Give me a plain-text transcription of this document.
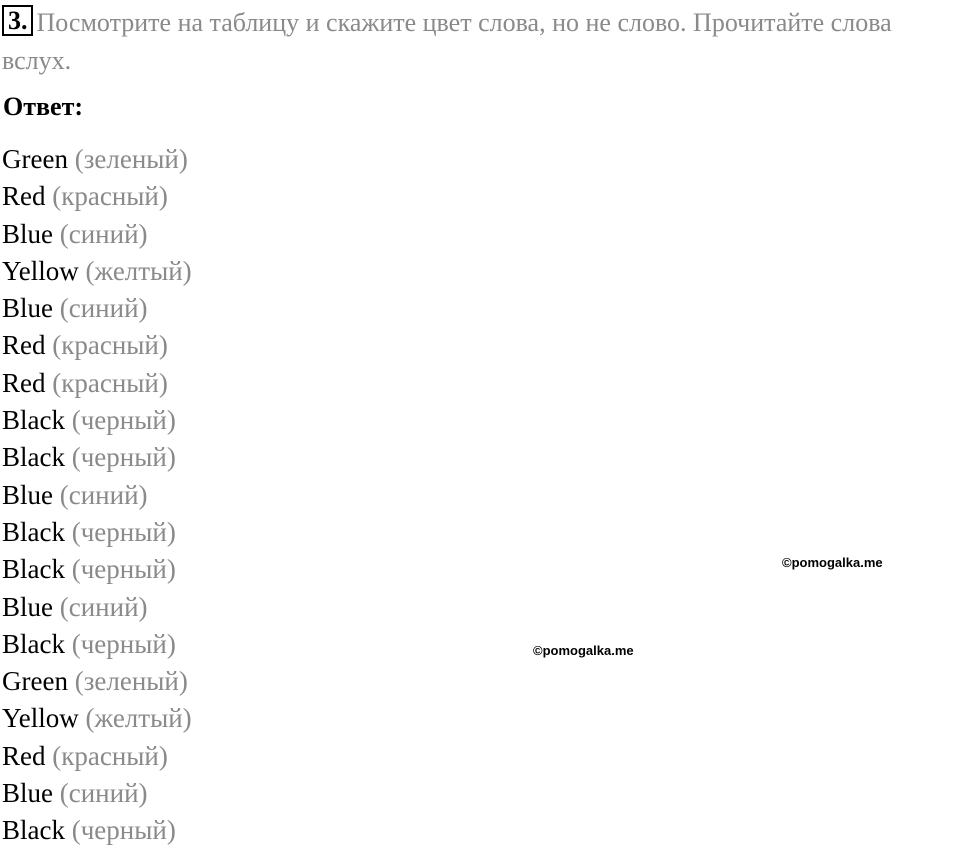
3. Посмотрите на таблицу и скажите цвет слова, но не слово. Прочитайте слова вслух.
Ответ:
Green (зеленый)
Red (красный)
Blue (синий)
Yellow (желтый)
Blue (синий)
Red (красный)
Red (красный)
Black (черный)
Black (черный)
Blue (синий)
Black (черный)
Black (черный)
Blue (синий)
Black (черный)
Green (зеленый)
Yellow (желтый)
Red (красный)
Blue (синий)
Black (черный)
©pomogalka.me
©pomogalka.me
